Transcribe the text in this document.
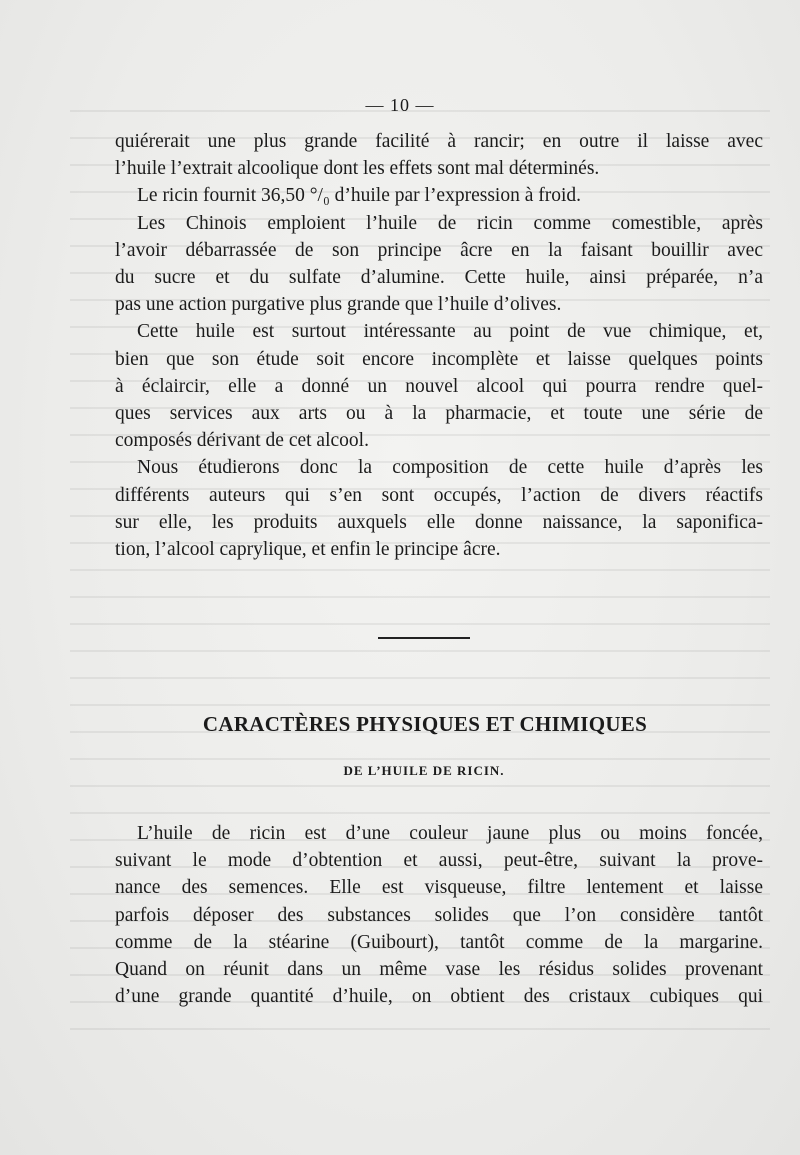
— 10 —

quiérerait une plus grande facilité à rancir; en outre il laisse avec

l’huile l’extrait alcoolique dont les effets sont mal déterminés.

Le ricin fournit 36,50 °/₀ d’huile par l’expression à froid.

Les Chinois emploient l’huile de ricin comme comestible, après

l’avoir débarrassée de son principe âcre en la faisant bouillir avec

du sucre et du sulfate d’alumine. Cette huile, ainsi préparée, n’a

pas une action purgative plus grande que l’huile d’olives.

Cette huile est surtout intéressante au point de vue chimique, et,

bien que son étude soit encore incomplète et laisse quelques points

à éclaircir, elle a donné un nouvel alcool qui pourra rendre quel-

ques services aux arts ou à la pharmacie, et toute une série de

composés dérivant de cet alcool.

Nous étudierons donc la composition de cette huile d’après les

différents auteurs qui s’en sont occupés, l’action de divers réactifs

sur elle, les produits auxquels elle donne naissance, la saponifica-

tion, l’alcool caprylique, et enfin le principe âcre.

CARACTÈRES PHYSIQUES ET CHIMIQUES
DE L’HUILE DE RICIN.

L’huile de ricin est d’une couleur jaune plus ou moins foncée,

suivant le mode d’obtention et aussi, peut-être, suivant la prove-

nance des semences. Elle est visqueuse, filtre lentement et laisse

parfois déposer des substances solides que l’on considère tantôt

comme de la stéarine (Guibourt), tantôt comme de la margarine.

Quand on réunit dans un même vase les résidus solides provenant

d’une grande quantité d’huile, on obtient des cristaux cubiques qui
